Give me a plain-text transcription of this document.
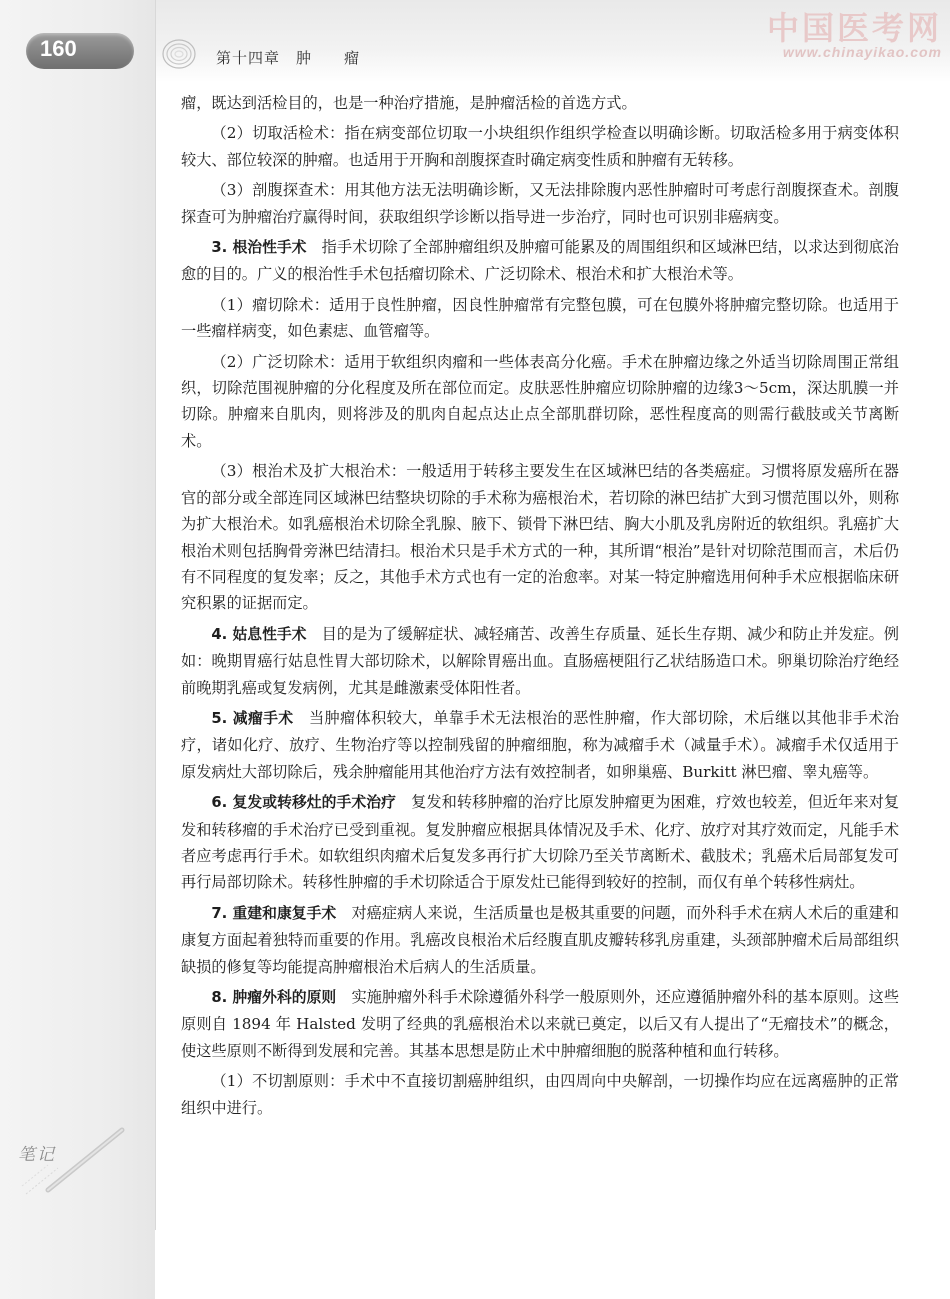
160	第十四章　肿　　瘤
中国医考网
www.chinayikao.com

瘤，既达到活检目的，也是一种治疗措施，是肿瘤活检的首选方式。

（2）切取活检术：指在病变部位切取一小块组织作组织学检查以明确诊断。切取活检多用于病变体积较大、部位较深的肿瘤。也适用于开胸和剖腹探查时确定病变性质和肿瘤有无转移。

（3）剖腹探查术：用其他方法无法明确诊断，又无法排除腹内恶性肿瘤时可考虑行剖腹探查术。剖腹探查可为肿瘤治疗赢得时间，获取组织学诊断以指导进一步治疗，同时也可识别非癌病变。

3. 根治性手术　指手术切除了全部肿瘤组织及肿瘤可能累及的周围组织和区域淋巴结，以求达到彻底治愈的目的。广义的根治性手术包括瘤切除术、广泛切除术、根治术和扩大根治术等。

（1）瘤切除术：适用于良性肿瘤，因良性肿瘤常有完整包膜，可在包膜外将肿瘤完整切除。也适用于一些瘤样病变，如色素痣、血管瘤等。

（2）广泛切除术：适用于软组织肉瘤和一些体表高分化癌。手术在肿瘤边缘之外适当切除周围正常组织，切除范围视肿瘤的分化程度及所在部位而定。皮肤恶性肿瘤应切除肿瘤的边缘3～5cm，深达肌膜一并切除。肿瘤来自肌肉，则将涉及的肌肉自起点达止点全部肌群切除，恶性程度高的则需行截肢或关节离断术。

（3）根治术及扩大根治术：一般适用于转移主要发生在区域淋巴结的各类癌症。习惯将原发癌所在器官的部分或全部连同区域淋巴结整块切除的手术称为癌根治术，若切除的淋巴结扩大到习惯范围以外，则称为扩大根治术。如乳癌根治术切除全乳腺、腋下、锁骨下淋巴结、胸大小肌及乳房附近的软组织。乳癌扩大根治术则包括胸骨旁淋巴结清扫。根治术只是手术方式的一种，其所谓“根治”是针对切除范围而言，术后仍有不同程度的复发率；反之，其他手术方式也有一定的治愈率。对某一特定肿瘤选用何种手术应根据临床研究积累的证据而定。

4. 姑息性手术　目的是为了缓解症状、减轻痛苦、改善生存质量、延长生存期、减少和防止并发症。例如：晚期胃癌行姑息性胃大部切除术，以解除胃癌出血。直肠癌梗阻行乙状结肠造口术。卵巢切除治疗绝经前晚期乳癌或复发病例，尤其是雌激素受体阳性者。

5. 减瘤手术　当肿瘤体积较大，单靠手术无法根治的恶性肿瘤，作大部切除，术后继以其他非手术治疗，诸如化疗、放疗、生物治疗等以控制残留的肿瘤细胞，称为减瘤手术（减量手术）。减瘤手术仅适用于原发病灶大部切除后，残余肿瘤能用其他治疗方法有效控制者，如卵巢癌、Burkitt 淋巴瘤、睾丸癌等。

6. 复发或转移灶的手术治疗　复发和转移肿瘤的治疗比原发肿瘤更为困难，疗效也较差，但近年来对复发和转移瘤的手术治疗已受到重视。复发肿瘤应根据具体情况及手术、化疗、放疗对其疗效而定，凡能手术者应考虑再行手术。如软组织肉瘤术后复发多再行扩大切除乃至关节离断术、截肢术；乳癌术后局部复发可再行局部切除术。转移性肿瘤的手术切除适合于原发灶已能得到较好的控制，而仅有单个转移性病灶。

7. 重建和康复手术　对癌症病人来说，生活质量也是极其重要的问题，而外科手术在病人术后的重建和康复方面起着独特而重要的作用。乳癌改良根治术后经腹直肌皮瓣转移乳房重建，头颈部肿瘤术后局部组织缺损的修复等均能提高肿瘤根治术后病人的生活质量。

8. 肿瘤外科的原则　实施肿瘤外科手术除遵循外科学一般原则外，还应遵循肿瘤外科的基本原则。这些原则自 1894 年 Halsted 发明了经典的乳癌根治术以来就已奠定，以后又有人提出了“无瘤技术”的概念，使这些原则不断得到发展和完善。其基本思想是防止术中肿瘤细胞的脱落种植和血行转移。

（1）不切割原则：手术中不直接切割癌肿组织，由四周向中央解剖，一切操作均应在远离癌肿的正常组织中进行。

笔记
